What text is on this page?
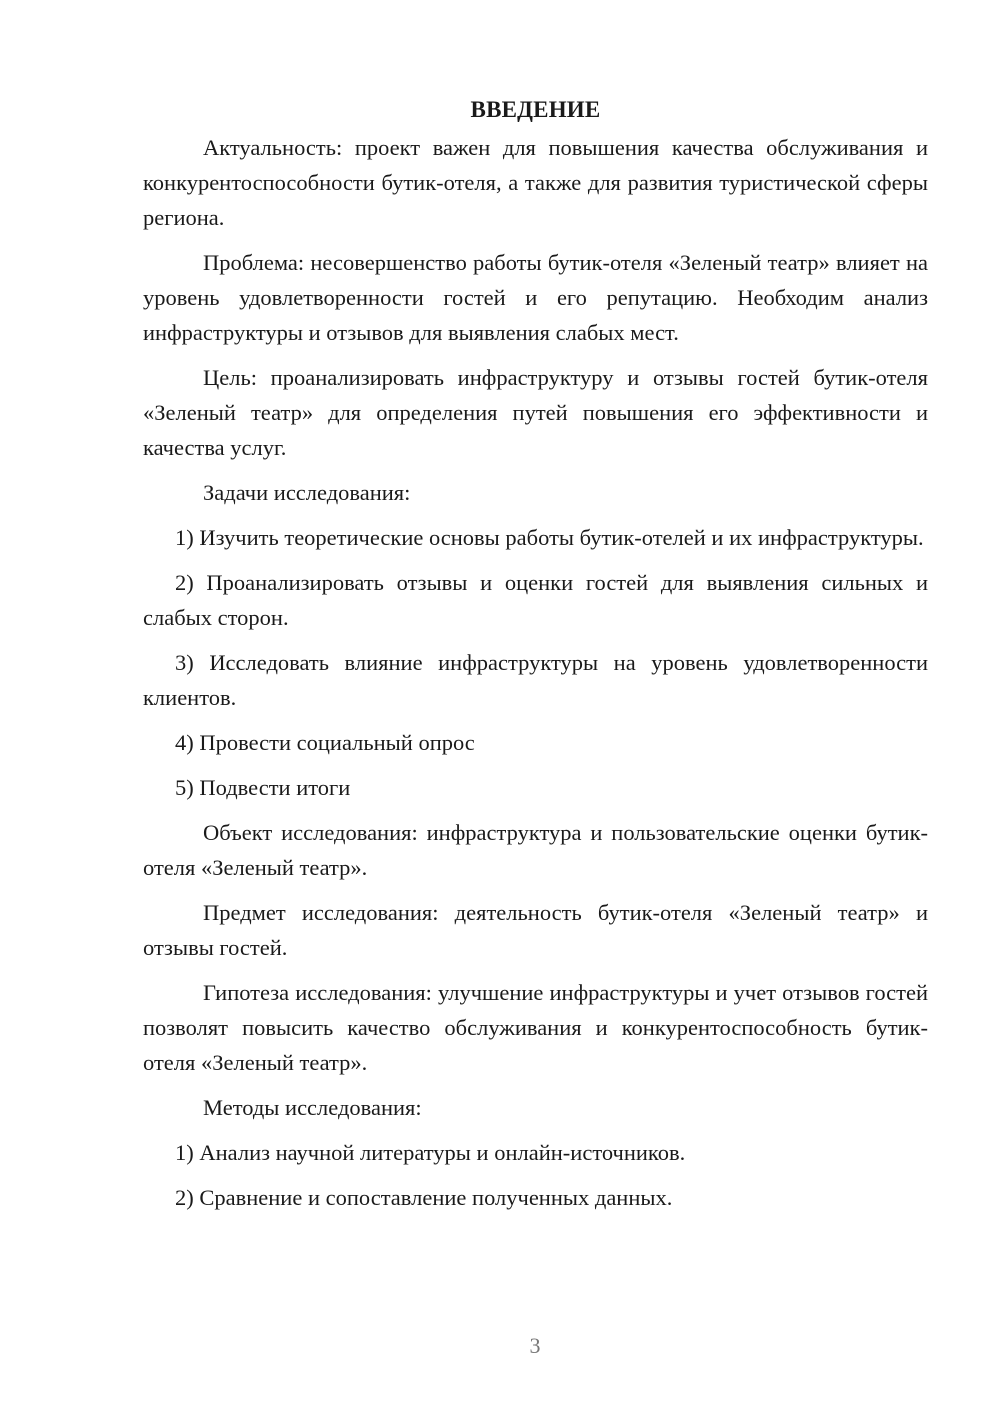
ВВЕДЕНИЕ

Актуальность: проект важен для повышения качества обслуживания и конкурентоспособности бутик-отеля, а также для развития туристической сферы региона.

Проблема: несовершенство работы бутик-отеля «Зеленый театр» влияет на уровень удовлетворенности гостей и его репутацию. Необходим анализ инфраструктуры и отзывов для выявления слабых мест.

Цель: проанализировать инфраструктуру и отзывы гостей бутик-отеля «Зеленый театр» для определения путей повышения его эффективности и качества услуг.

Задачи исследования:

1) Изучить теоретические основы работы бутик-отелей и их инфраструктуры.

2) Проанализировать отзывы и оценки гостей для выявления сильных и слабых сторон.

3) Исследовать влияние инфраструктуры на уровень удовлетворенности клиентов.

4) Провести социальный опрос

5) Подвести итоги

Объект исследования: инфраструктура и пользовательские оценки бутик-отеля «Зеленый театр».

Предмет исследования: деятельность бутик-отеля «Зеленый театр» и отзывы гостей.

Гипотеза исследования: улучшение инфраструктуры и учет отзывов гостей позволят повысить качество обслуживания и конкурентоспособность бутик-отеля «Зеленый театр».

Методы исследования:

1) Анализ научной литературы и онлайн-источников.

2) Сравнение и сопоставление полученных данных.

3
